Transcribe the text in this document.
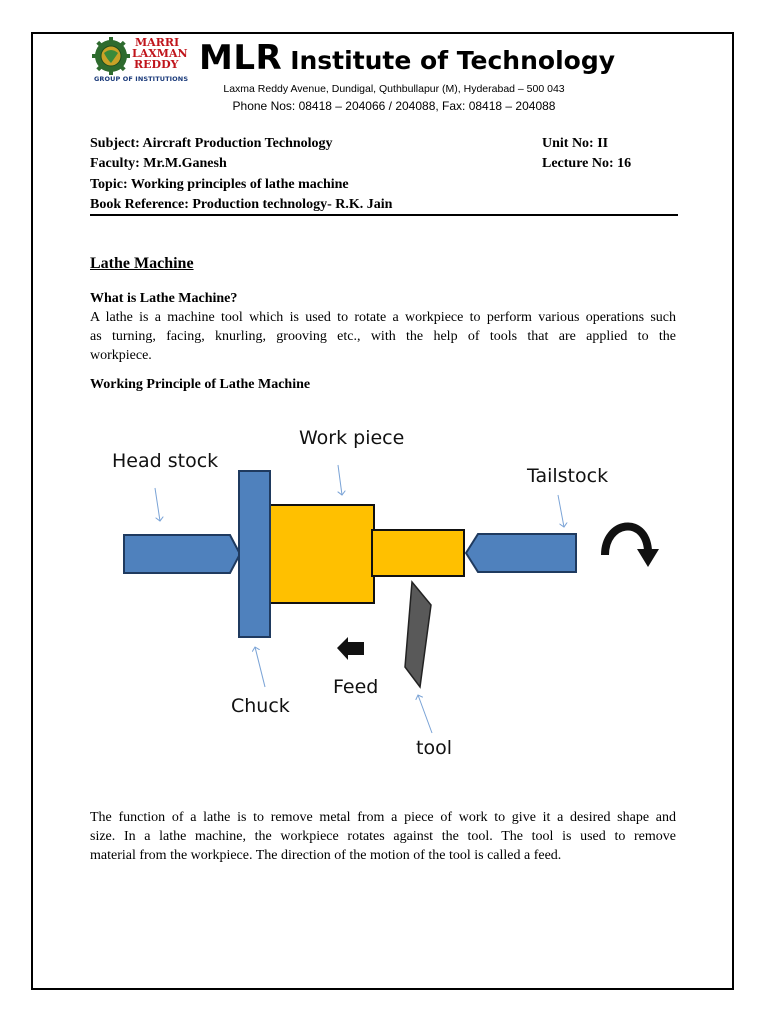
MARRI
LAXMAN
REDDY
GROUP OF INSTITUTIONS
MLR Institute of Technology
Laxma Reddy Avenue, Dundigal, Quthbullapur (M), Hyderabad – 500 043
Phone Nos: 08418 – 204066 / 204088, Fax: 08418 – 204088
Subject: Aircraft Production Technology	Unit No: II
Faculty: Mr.M.Ganesh	Lecture No: 16
Topic: Working principles of lathe machine
Book Reference: Production technology- R.K. Jain
Lathe Machine
What is Lathe Machine?
A lathe is a machine tool which is used to rotate a workpiece to perform various operations such
as turning, facing, knurling, grooving etc., with the help of tools that are applied to the
workpiece.
Working Principle of Lathe Machine
Head stock
Work piece
Tailstock
Chuck
Feed
tool
The function of a lathe is to remove metal from a piece of work to give it a desired shape and
size. In a lathe machine, the workpiece rotates against the tool. The tool is used to remove
material from the workpiece. The direction of the motion of the tool is called a feed.
